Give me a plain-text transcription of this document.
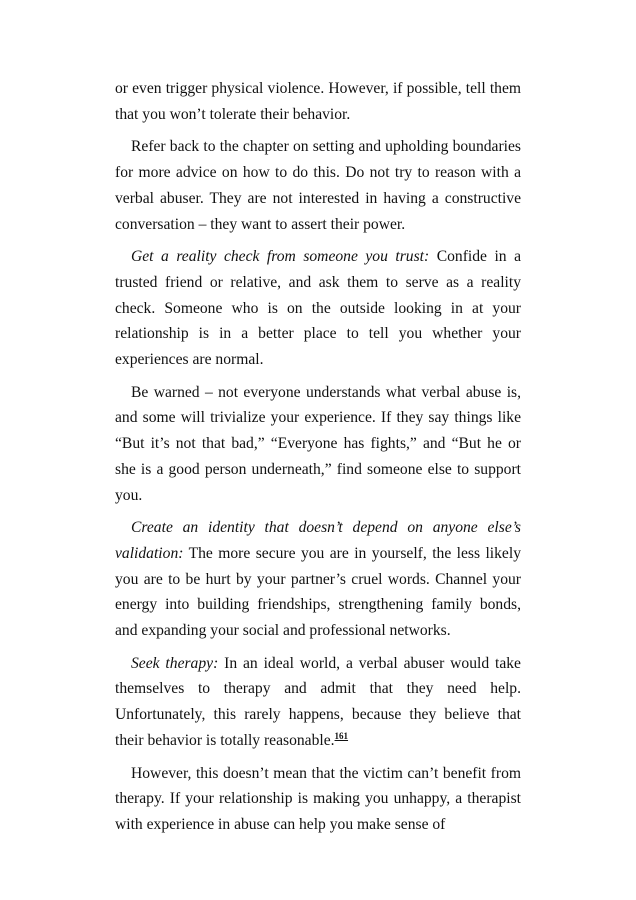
or even trigger physical violence. However, if possible, tell them that you won’t tolerate their behavior.

Refer back to the chapter on setting and upholding boundaries for more advice on how to do this. Do not try to reason with a verbal abuser. They are not interested in having a constructive conversation – they want to assert their power.

Get a reality check from someone you trust: Confide in a trusted friend or relative, and ask them to serve as a reality check. Someone who is on the outside looking in at your relationship is in a better place to tell you whether your experiences are normal.

Be warned – not everyone understands what verbal abuse is, and some will trivialize your experience. If they say things like “But it’s not that bad,” “Everyone has fights,” and “But he or she is a good person underneath,” find someone else to support you.

Create an identity that doesn’t depend on anyone else’s validation: The more secure you are in yourself, the less likely you are to be hurt by your partner’s cruel words. Channel your energy into building friendships, strengthening family bonds, and expanding your social and professional networks.

Seek therapy: In an ideal world, a verbal abuser would take themselves to therapy and admit that they need help. Unfortunately, this rarely happens, because they believe that their behavior is totally reasonable.$^{161}$

However, this doesn’t mean that the victim can’t benefit from therapy. If your relationship is making you unhappy, a therapist with experience in abuse can help you make sense of
